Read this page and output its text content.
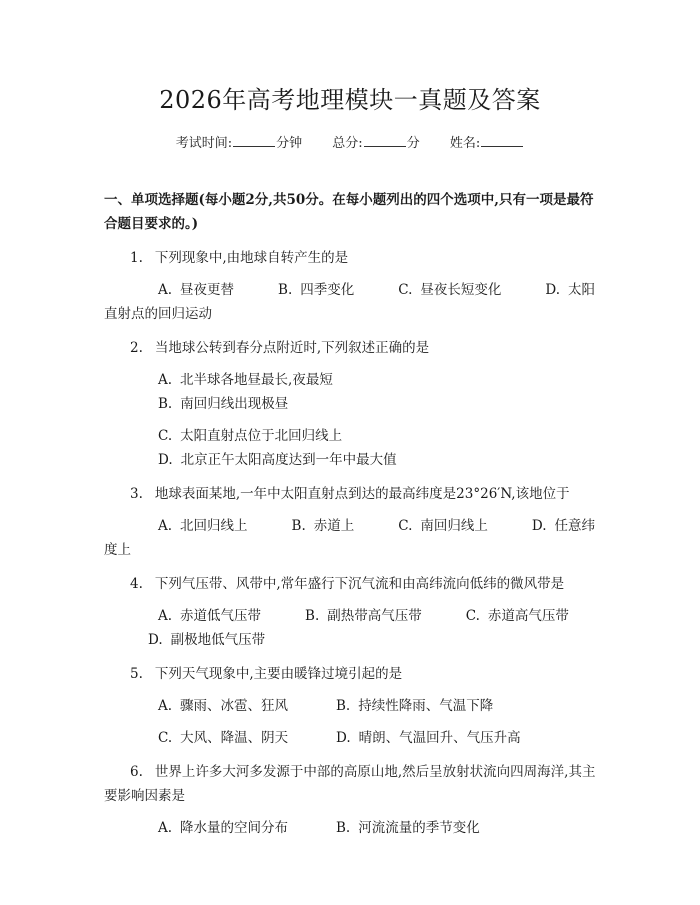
2026年高考地理模块一真题及答案
考试时间:	分钟 总分:	分 姓名:
一、单项选择题(每小题2分,共50分。在每小题列出的四个选项中,只有一项是最符合题目要求的。)
1. 下列现象中,由地球自转产生的是
A. 昼夜更替	B. 四季变化	C. 昼夜长短变化	D. 太阳直射点的回归运动
2. 当地球公转到春分点附近时,下列叙述正确的是
A. 北半球各地昼最长,夜最短B. 南回归线出现极昼
C. 太阳直射点位于北回归线上D. 北京正午太阳高度达到一年中最大值
3. 地球表面某地,一年中太阳直射点到达的最高纬度是23°26′N,该地位于
A. 北回归线上	B. 赤道上	C. 南回归线上	D. 任意纬度上
4. 下列气压带、风带中,常年盛行下沉气流和由高纬流向低纬的微风带是
A. 赤道低气压带	B. 副热带高气压带	C. 赤道高气压带D. 副极地低气压带
5. 下列天气现象中,主要由暖锋过境引起的是
A. 骤雨、冰雹、狂风	B. 持续性降雨、气温下降
C. 大风、降温、阴天	D. 晴朗、气温回升、气压升高
6. 世界上许多大河多发源于中部的高原山地,然后呈放射状流向四周海洋,其主要影响因素是
A. 降水量的空间分布	B. 河流流量的季节变化
